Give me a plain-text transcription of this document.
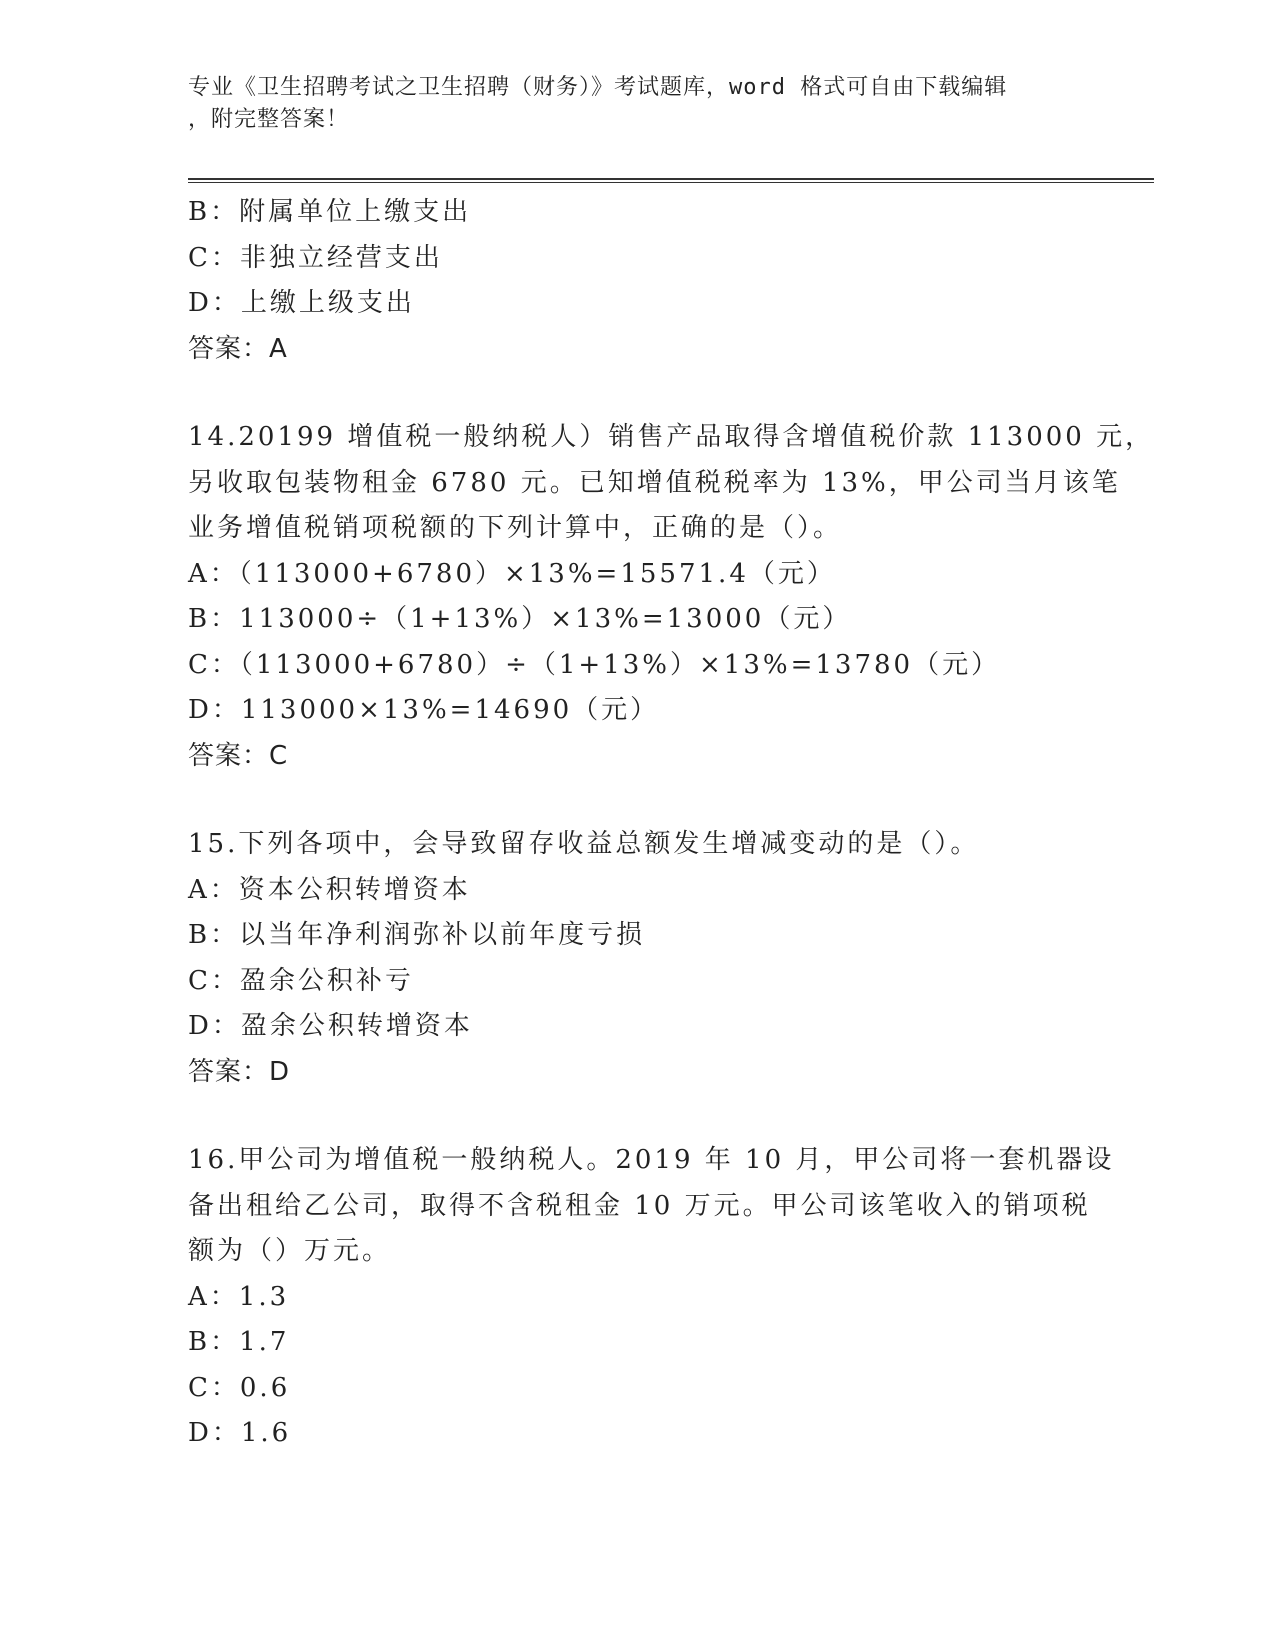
专业《卫生招聘考试之卫生招聘（财务）》考试题库，word 格式可自由下载编辑
，附完整答案！
B：附属单位上缴支出
C：非独立经营支出
D：上缴上级支出
答案：A
14.20199 增值税一般纳税人）销售产品取得含增值税价款 113000 元，
另收取包装物租金 6780 元。已知增值税税率为 13%，甲公司当月该笔
业务增值税销项税额的下列计算中，正确的是（）。
A：（113000+6780）×13%=15571.4（元）
B：113000÷（1+13%）×13%=13000（元）
C：（113000+6780）÷（1+13%）×13%=13780（元）
D：113000×13%=14690（元）
答案：C
15.下列各项中，会导致留存收益总额发生增减变动的是（）。
A：资本公积转增资本
B：以当年净利润弥补以前年度亏损
C：盈余公积补亏
D：盈余公积转增资本
答案：D
16.甲公司为增值税一般纳税人。2019 年 10 月，甲公司将一套机器设
备出租给乙公司，取得不含税租金 10 万元。甲公司该笔收入的销项税
额为（）万元。
A：1.3
B：1.7
C：0.6
D：1.6
